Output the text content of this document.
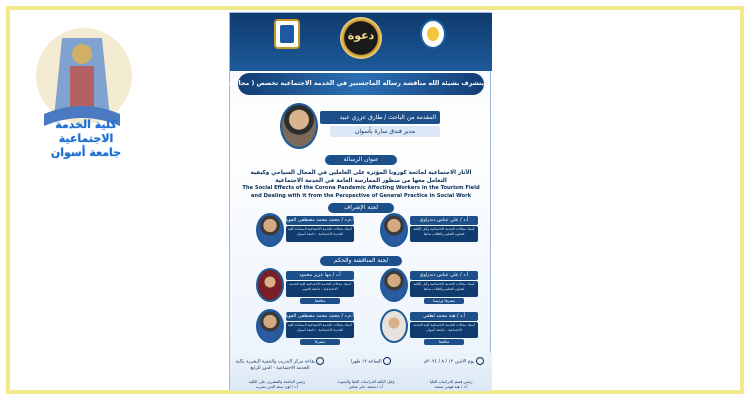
كلية الخدمة الاجتماعية
جامعة أسوان
دعوة
يتشرف بشيئة الله مناقشة رسالة الماجستير في الخدمة الاجتماعية تخصص ( مجالات الخدمة الاجتماعية )
المقدمة من الباحث / طارق عزري عبيد
مدير فندق سارة بأسوان
عنوان الرسالة
الآثار الاجتماعية لجائحة كورونا المؤثرة على العاملين في المجال السياحي وكيفية التعامل معها من منظور الممارسة العامة في الخدمة الاجتماعية
The Social Effects of the Corona Pandemic Affecting Workers in the Tourism Field and Dealing with it from the Perspective of General Practice in Social Work
لجنة الإشراف
أ.د / علي عباس دندراوي
أستاذ مجالات الخدمة الاجتماعية وكيل الكلية لشئون التعليم والطلاب سابقا
أ.م.د / محمد محمد مصطفى الفويل
أستاذ مجالات الخدمة الاجتماعية المساعد كلية الخدمة الاجتماعية - جامعة أسوان
لجنة المناقشة والحكم
أ.د / علي عباس دندراوي
أستاذ مجالات الخدمة الاجتماعية وكيل الكلية لشئون التعليم والطلاب سابقا
مشرفا ورئيسا
أ.د / مها عزيز محمود
أستاذ مجالات الخدمة الاجتماعية كلية الخدمة الاجتماعية - جامعة الفيوم
مناقشا
أ.د / هبة محمد لطفي
أستاذ مجالات الخدمة الاجتماعية كلية الخدمة الاجتماعية - جامعة أسوان
مناقشا
أ.م.د / محمد محمد مصطفى الفويل
أستاذ مجالات الخدمة الاجتماعية المساعد كلية الخدمة الاجتماعية - جامعة أسوان
مشرفا
يوم الاثنين ١٢ / ٨ / ٢٠٢٤م
الساعة ١٢ ظهرا
بقاعة مركز التدريب والتنمية البشرية بكلية الخدمة الاجتماعية - الدور الرابع
رئيس قسم الدراسات العليا
أ.د / هبة فهمي محمد
وكيل الكلية للدراسات العليا والبحوث
أ.د / محمد جابر عباس
رئيس الجامعة والمشرف على الكلية
أ.د / لؤي سعد الدين نصرت
